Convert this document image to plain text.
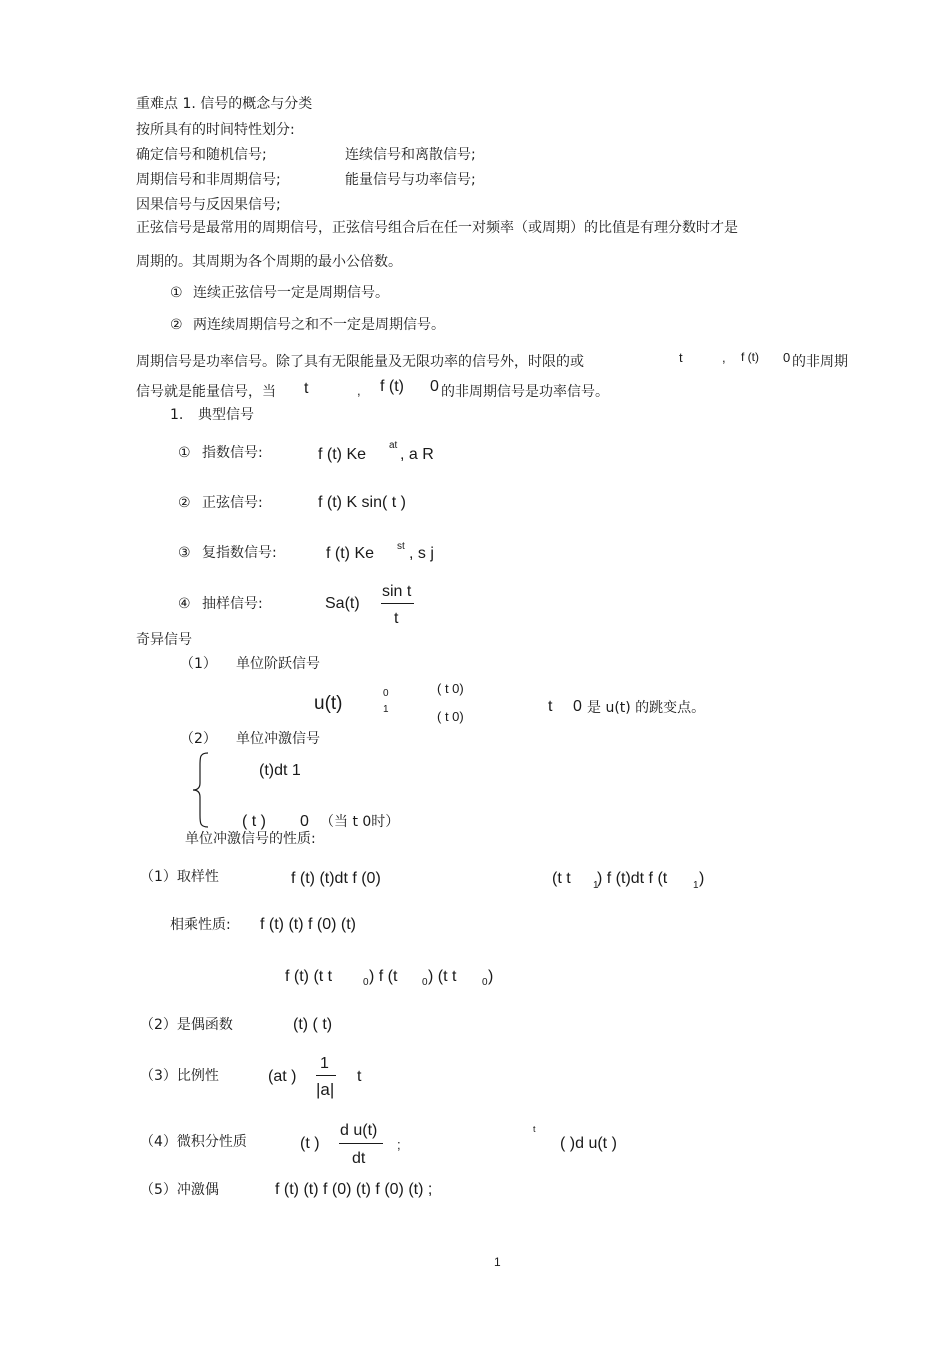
重难点 1. 信号的概念与分类
按所具有的时间特性划分:
确定信号和随机信号;	连续信号和离散信号;
周期信号和非周期信号;	能量信号与功率信号;
因果信号与反因果信号;
正弦信号是最常用的周期信号，正弦信号组合后在任一对频率（或周期）的比值是有理分数时才是
周期的。其周期为各个周期的最小公倍数。
① 连续正弦信号一定是周期信号。
② 两连续周期信号之和不一定是周期信号。
周期信号是功率信号。除了具有无限能量及无限功率的信号外，时限的或	t	, f (t) 0 的非周期
信号就是能量信号，当 t	, f (t) 0 的非周期信号是功率信号。
1. 典型信号
① 指数信号:	f (t) Ke
at
, a R
② 正弦信号:	f (t) K sin( t )
③ 复指数信号:	f (t) Ke st , s j
④ 抽样信号:	Sa(t)
sin t
t
奇异信号
（1） 单位阶跃信号
u(t)	0
1
( t 0)
( t 0)
t 0 是 u(t) 的跳变点。
（2） 单位冲激信号
(t)dt 1
( t ) 0 （当 t 0时）
单位冲激信号的性质:
（1）取样性	f (t) (t)dt f (0)	(t t 1
) f (t)dt f (t	1 )
相乘性质: f (t) (t) f (0) (t)
f (t) (t t	0 ) f (t 0 ) (t t	0 )
（2）是偶函数	(t) ( t)
（3）比例性	(at )
1
|a|
t
（4）微积分性质	(t )
d u(t)
dt
;
t
( )d u(t )
（5）冲激偶	f (t) (t) f (0) (t) f (0) (t) ;
1
